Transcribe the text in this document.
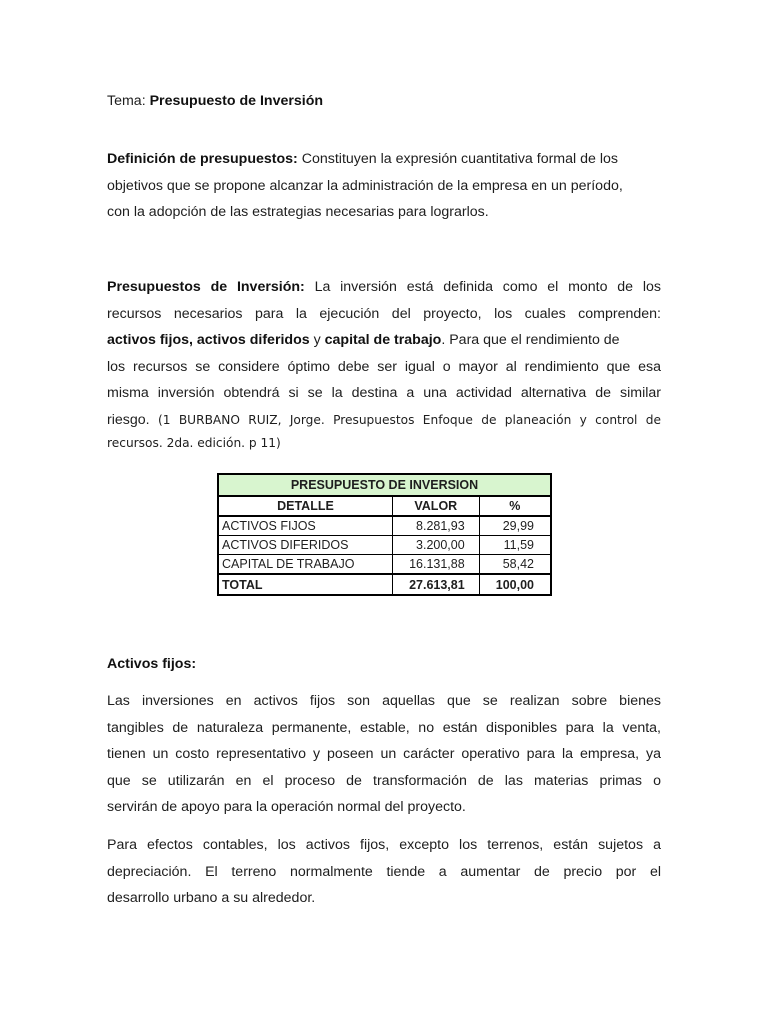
Tema: Presupuesto de Inversión
Definición de presupuestos: Constituyen la expresión cuantitativa formal de los
objetivos que se propone alcanzar la administración de la empresa en un período,
con la adopción de las estrategias necesarias para lograrlos.
Presupuestos de Inversión: La inversión está definida como el monto de los
recursos necesarios para la ejecución del proyecto, los cuales comprenden:
activos fijos, activos diferidos y capital de trabajo. Para que el rendimiento de
los recursos se considere óptimo debe ser igual o mayor al rendimiento que esa
misma inversión obtendrá si se la destina a una actividad alternativa de similar
riesgo. (1 BURBANO RUIZ, Jorge. Presupuestos Enfoque de planeación y control de
recursos. 2da. edición. p 11)
PRESUPUESTO DE INVERSION		
DETALLE	VALOR	%
ACTIVOS FIJOS	8.281,93	29,99
ACTIVOS DIFERIDOS	3.200,00	11,59
CAPITAL DE TRABAJO	16.131,88	58,42
TOTAL	27.613,81	100,00
Activos fijos:
Las inversiones en activos fijos son aquellas que se realizan sobre bienes
tangibles de naturaleza permanente, estable, no están disponibles para la venta,
tienen un costo representativo y poseen un carácter operativo para la empresa, ya
que se utilizarán en el proceso de transformación de las materias primas o
servirán de apoyo para la operación normal del proyecto.
Para efectos contables, los activos fijos, excepto los terrenos, están sujetos a
depreciación. El terreno normalmente tiende a aumentar de precio por el
desarrollo urbano a su alrededor.
